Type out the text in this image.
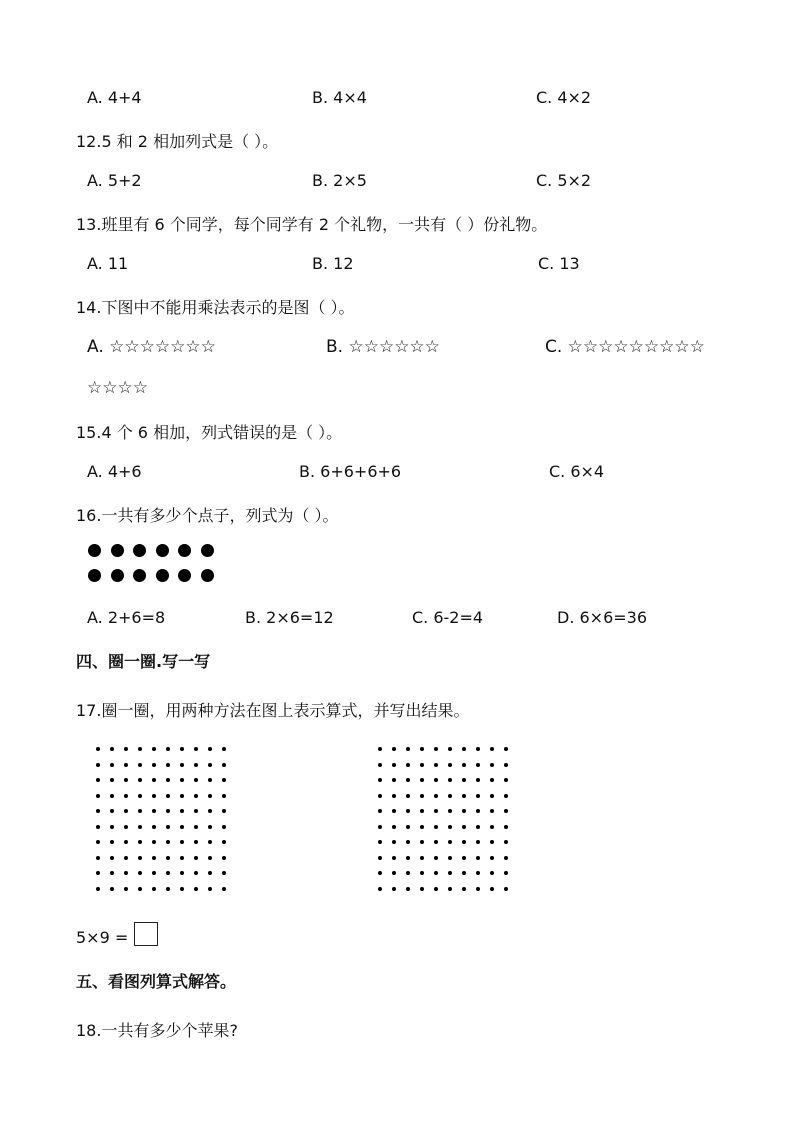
A. 4+4	B. 4×4	C. 4×2
12.5 和 2 相加列式是（ ）。
A. 5+2	B. 2×5	C. 5×2
13.班里有 6 个同学，每个同学有 2 个礼物，一共有（ ）份礼物。
A. 11	B. 12	C. 13
14.下图中不能用乘法表示的是图（ ）。
A. ☆☆☆☆☆☆☆	B. ☆☆☆☆☆☆	C. ☆☆☆☆☆☆☆☆☆
☆☆☆☆
15.4 个 6 相加，列式错误的是（ ）。
A. 4+6	B. 6+6+6+6	C. 6×4
16.一共有多少个点子，列式为（ ）。
A. 2+6=8	B. 2×6=12	C. 6-2=4	D. 6×6=36
四、圈一圈.写一写
17.圈一圈，用两种方法在图上表示算式，并写出结果。
5×9 =
五、看图列算式解答。
18.一共有多少个苹果?
